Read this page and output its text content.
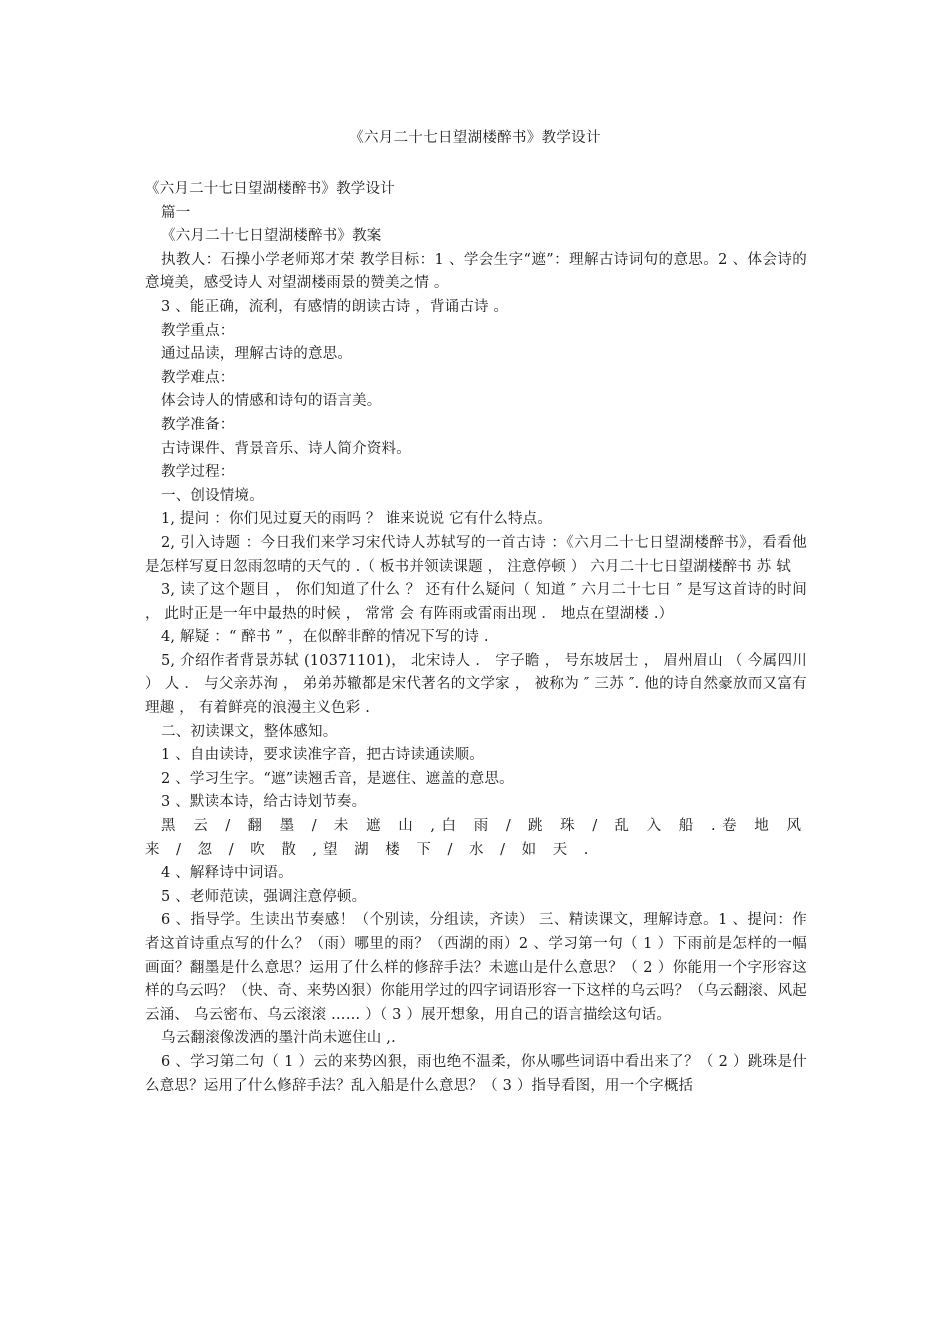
《六月二十七日望湖楼醉书》教学设计

《六月二十七日望湖楼醉书》教学设计

篇一

《六月二十七日望湖楼醉书》教案

执教人：石操小学老师郑才荣 教学目标：1 、学会生字“遮”：理解古诗词句的意思。2 、体会诗的意境美，感受诗人 对望湖楼雨景的赞美之情 。

3 、能正确，流利，有感情的朗读古诗 ，背诵古诗 。

教学重点：

通过品读，理解古诗的意思。

教学难点：

体会诗人的情感和诗句的语言美。

教学准备：

古诗课件、背景音乐、诗人简介资料。

教学过程：

一、创设情境。

1, 提问 ：你们见过夏天的雨吗 ？ 谁来说说 它有什么特点。

2, 引入诗题 ：今日我们来学习宋代诗人苏轼写的一首古诗 ：《六月二十七日望湖楼醉书》，看看他是怎样写夏日忽雨忽晴的天气的 .（ 板书并领读课题 ， 注意停顿 ） 六月二十七日望湖楼醉书 苏 轼

3, 读了这个题目 ， 你们知道了什么 ？ 还有什么疑问（ 知道 ″ 六月二十七日 ″ 是写这首诗的时间 ， 此时正是一年中最热的时候 ， 常常 会 有阵雨或雷雨出现 ． 地点在望湖楼 .）

4, 解疑 ：“ 醉书 ” ，在似醉非醉的情况下写的诗 .

5, 介绍作者背景苏轼 (10371101)， 北宋诗人 ． 字子瞻 ， 号东坡居士 ， 眉州眉山 （ 今属四川 ） 人 ． 与父亲苏洵 ， 弟弟苏辙都是宋代著名的文学家 ， 被称为 ″ 三苏 ″. 他的诗自然豪放而又富有理趣 ， 有着鲜亮的浪漫主义色彩 .

二、初读课文，整体感知。

1 、自由读诗，要求读准字音，把古诗读通读顺。

2 、学习生字。“遮”读翘舌音，是遮住、遮盖的意思。

3 、默读本诗，给古诗划节奏。

黑 云 / 翻 墨 / 未 遮 山 ,白 雨 / 跳 珠 / 乱 入 船 .卷 地 风 来 / 忽 / 吹 散 ,望 湖 楼 下 / 水 / 如 天 .

4 、解释诗中词语。

5 、老师范读，强调注意停顿。

6 、指导学。生读出节奏感！（个别读，分组读，齐读） 三、精读课文，理解诗意。1 、提问：作者这首诗重点写的什么？（雨）哪里的雨？（西湖的雨）2 、学习第一句（ 1 ）下雨前是怎样的一幅画面？翻墨是什么意思？运用了什么样的修辞手法？未遮山是什么意思？（ 2 ）你能用一个字形容这样的乌云吗？（快、奇、来势凶狠）你能用学过的四字词语形容一下这样的乌云吗？（乌云翻滚、风起云涌、 乌云密布、乌云滚滚 …… ）（ 3 ）展开想象，用自己的语言描绘这句话。

乌云翻滚像泼洒的墨汁尚未遮住山 ,.

6 、学习第二句（ 1 ）云的来势凶狠，雨也绝不温柔，你从哪些词语中看出来了？（ 2 ）跳珠是什么意思？运用了什么修辞手法？乱入船是什么意思？（ 3 ）指导看图，用一个字概括
